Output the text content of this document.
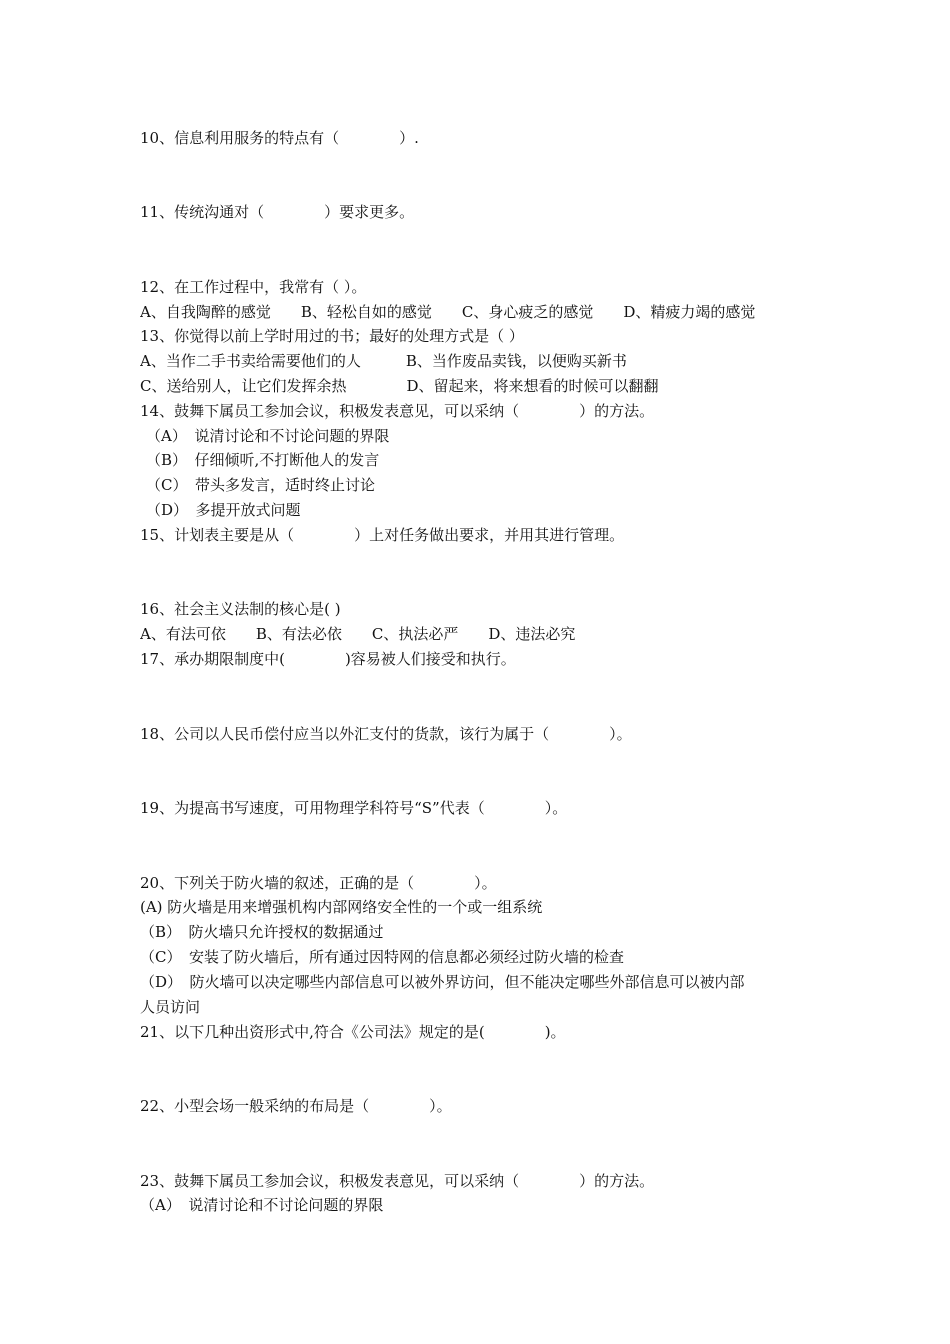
10、信息利用服务的特点有（　　　　）.

11、传统沟通对（　　　　）要求更多。

12、在工作过程中，我常有（ ）。
A、自我陶醉的感觉　　B、轻松自如的感觉　　C、身心疲乏的感觉　　D、精疲力竭的感觉
13、你觉得以前上学时用过的书；最好的处理方式是（ ）
A、当作二手书卖给需要他们的人　　　B、当作废品卖钱，以便购买新书
C、送给别人，让它们发挥余热　　　　D、留起来，将来想看的时候可以翻翻
14、鼓舞下属员工参加会议，积极发表意见，可以采纳（　　　　）的方法。
（A）　说清讨论和不讨论问题的界限
（B）　仔细倾听,不打断他人的发言
（C）　带头多发言，适时终止讨论
（D）　多提开放式问题
15、计划表主要是从（　　　　）上对任务做出要求，并用其进行管理。

16、社会主义法制的核心是( )
A、有法可依　　B、有法必依　　C、执法必严　　D、违法必究
17、承办期限制度中(　　　　)容易被人们接受和执行。

18、公司以人民币偿付应当以外汇支付的货款，该行为属于（　　　　）。

19、为提高书写速度，可用物理学科符号“S”代表（　　　　）。

20、下列关于防火墙的叙述，正确的是（　　　　）。
(A) 防火墙是用来增强机构内部网络安全性的一个或一组系统
（B）　防火墙只允许授权的数据通过
（C）　安装了防火墙后，所有通过因特网的信息都必须经过防火墙的检查
（D）　防火墙可以决定哪些内部信息可以被外界访问，但不能决定哪些外部信息可以被内部
人员访问
21、以下几种出资形式中,符合《公司法》规定的是(　　　　)。

22、小型会场一般采纳的布局是（　　　　）。

23、鼓舞下属员工参加会议，积极发表意见，可以采纳（　　　　）的方法。
（A）　说清讨论和不讨论问题的界限
